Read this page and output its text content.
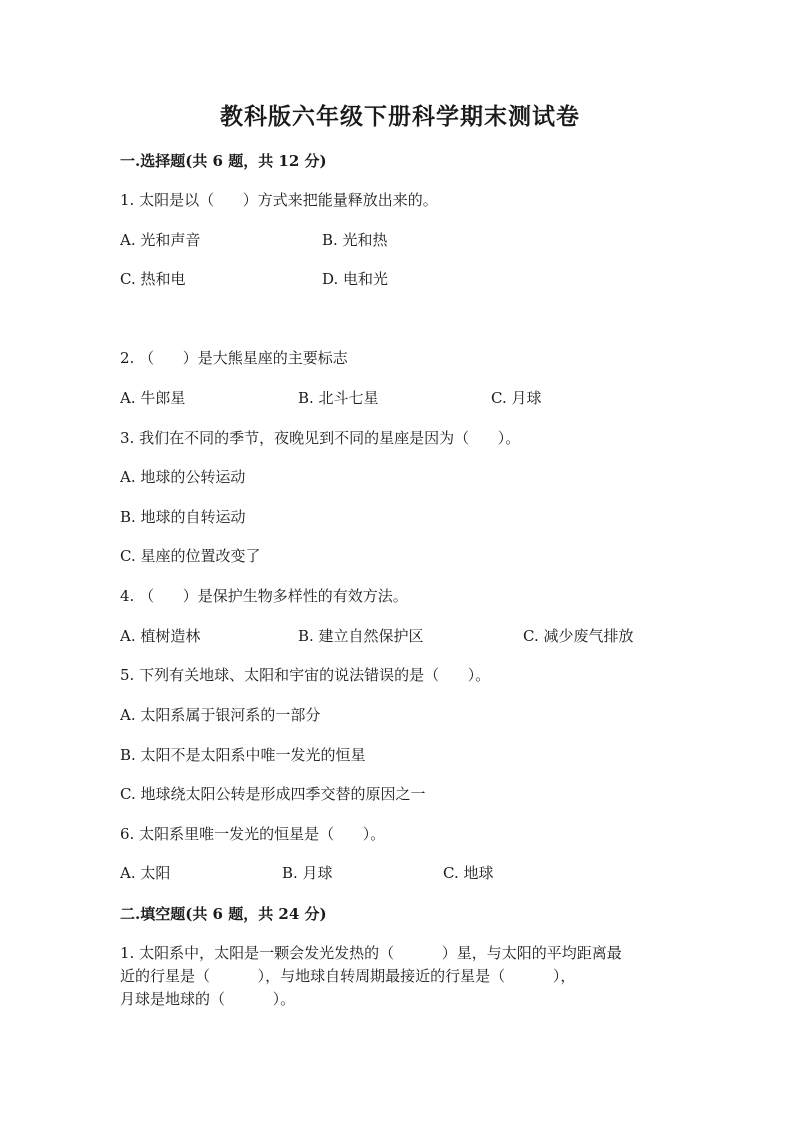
教科版六年级下册科学期末测试卷
一.选择题(共 6 题，共 12 分)
1. 太阳是以（      ）方式来把能量释放出来的。
A. 光和声音	B. 光和热
C. 热和电	D. 电和光
2. （      ）是大熊星座的主要标志
A. 牛郎星	B. 北斗七星	C. 月球
3. 我们在不同的季节，夜晚见到不同的星座是因为（      ）。
A. 地球的公转运动
B. 地球的自转运动
C. 星座的位置改变了
4. （      ）是保护生物多样性的有效方法。
A. 植树造林	B. 建立自然保护区	C. 减少废气排放
5. 下列有关地球、太阳和宇宙的说法错误的是（      ）。
A. 太阳系属于银河系的一部分
B. 太阳不是太阳系中唯一发光的恒星
C. 地球绕太阳公转是形成四季交替的原因之一
6. 太阳系里唯一发光的恒星是（      ）。
A. 太阳	B. 月球	C. 地球
二.填空题(共 6 题，共 24 分)
1. 太阳系中，太阳是一颗会发光发热的（          ）星，与太阳的平均距离最
近的行星是（          ），与地球自转周期最接近的行星是（          ），
月球是地球的（          ）。
